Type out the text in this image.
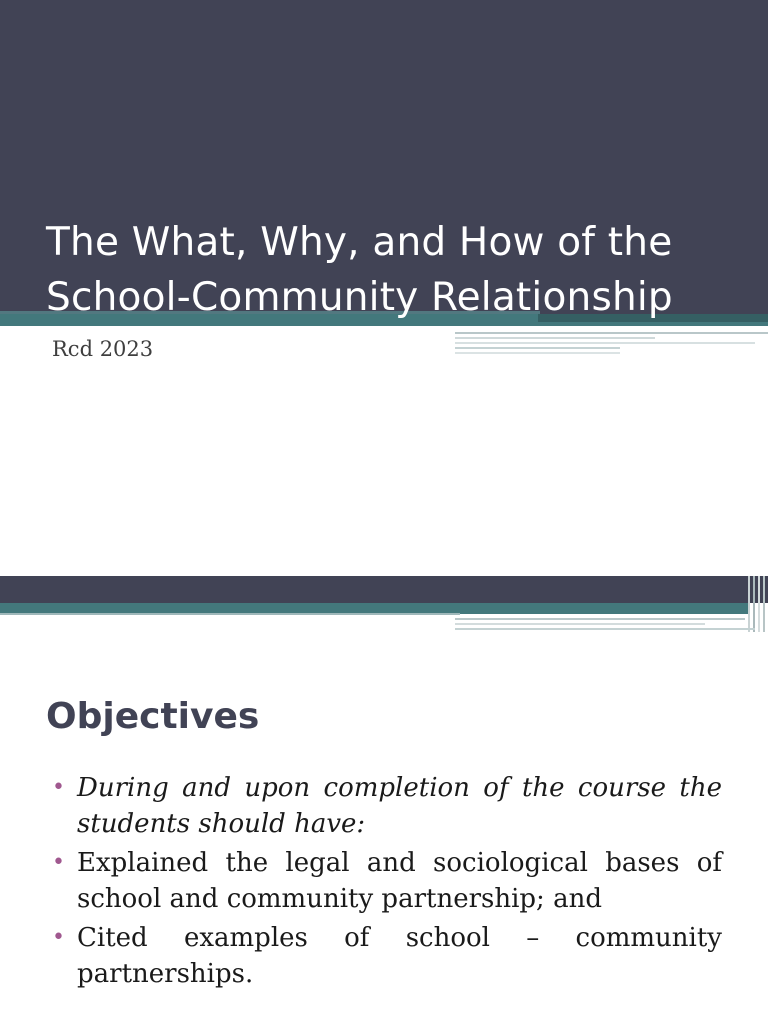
The What, Why, and How of the
School-Community Relationship
Rcd 2023
Objectives
• During and upon completion of the course the students should have:
• Explained the legal and sociological bases of school and community partnership; and
• Cited examples of school – community partnerships.
